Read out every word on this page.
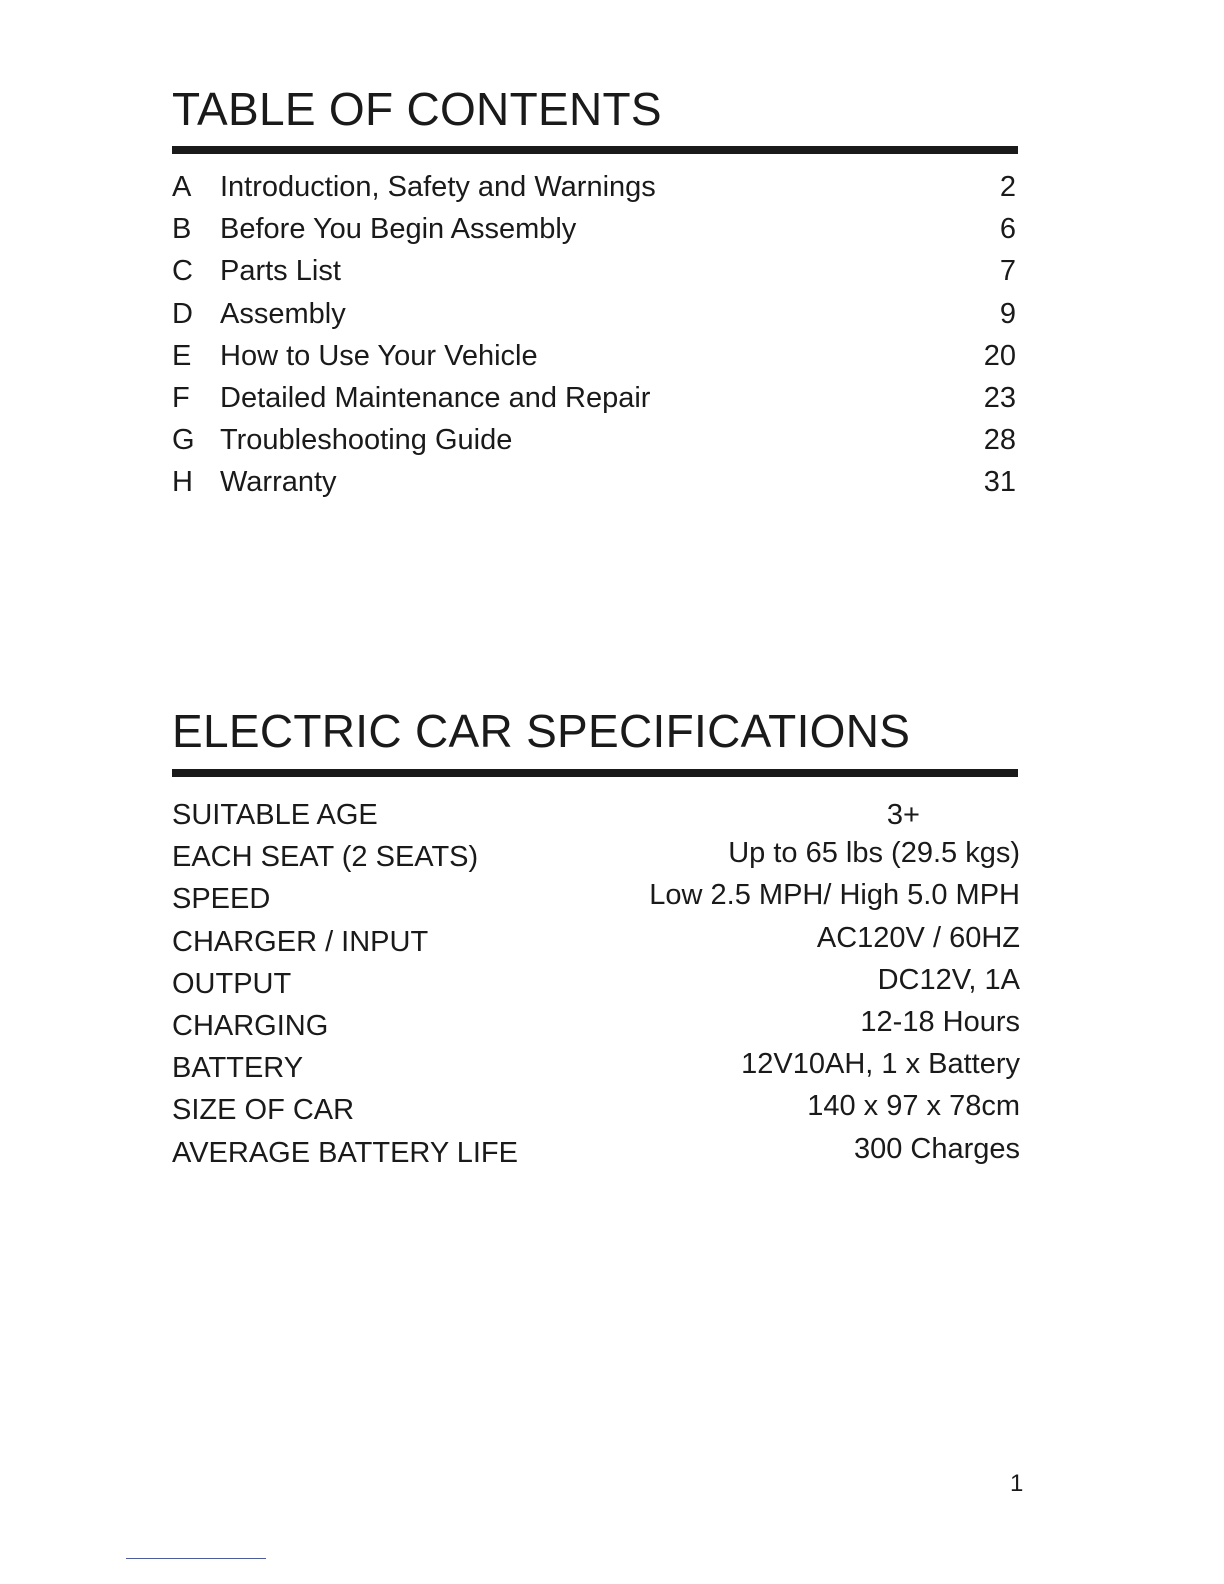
TABLE OF CONTENTS
A Introduction, Safety and Warnings	2
B Before You Begin Assembly	6
C Parts List	7
D Assembly	9
E How to Use Your Vehicle	20
F Detailed Maintenance and Repair	23
G Troubleshooting Guide	28
H Warranty	31
ELECTRIC CAR SPECIFICATIONS
SUITABLE AGE	3+
EACH SEAT (2 SEATS)	Up to 65 lbs (29.5 kgs)
SPEED	Low 2.5 MPH/ High 5.0 MPH
CHARGER / INPUT	AC120V / 60HZ
OUTPUT	DC12V, 1A
CHARGING	12-18 Hours
BATTERY	12V10AH, 1 x Battery
SIZE OF CAR	140 x 97 x 78cm
AVERAGE BATTERY LIFE	300 Charges
1
